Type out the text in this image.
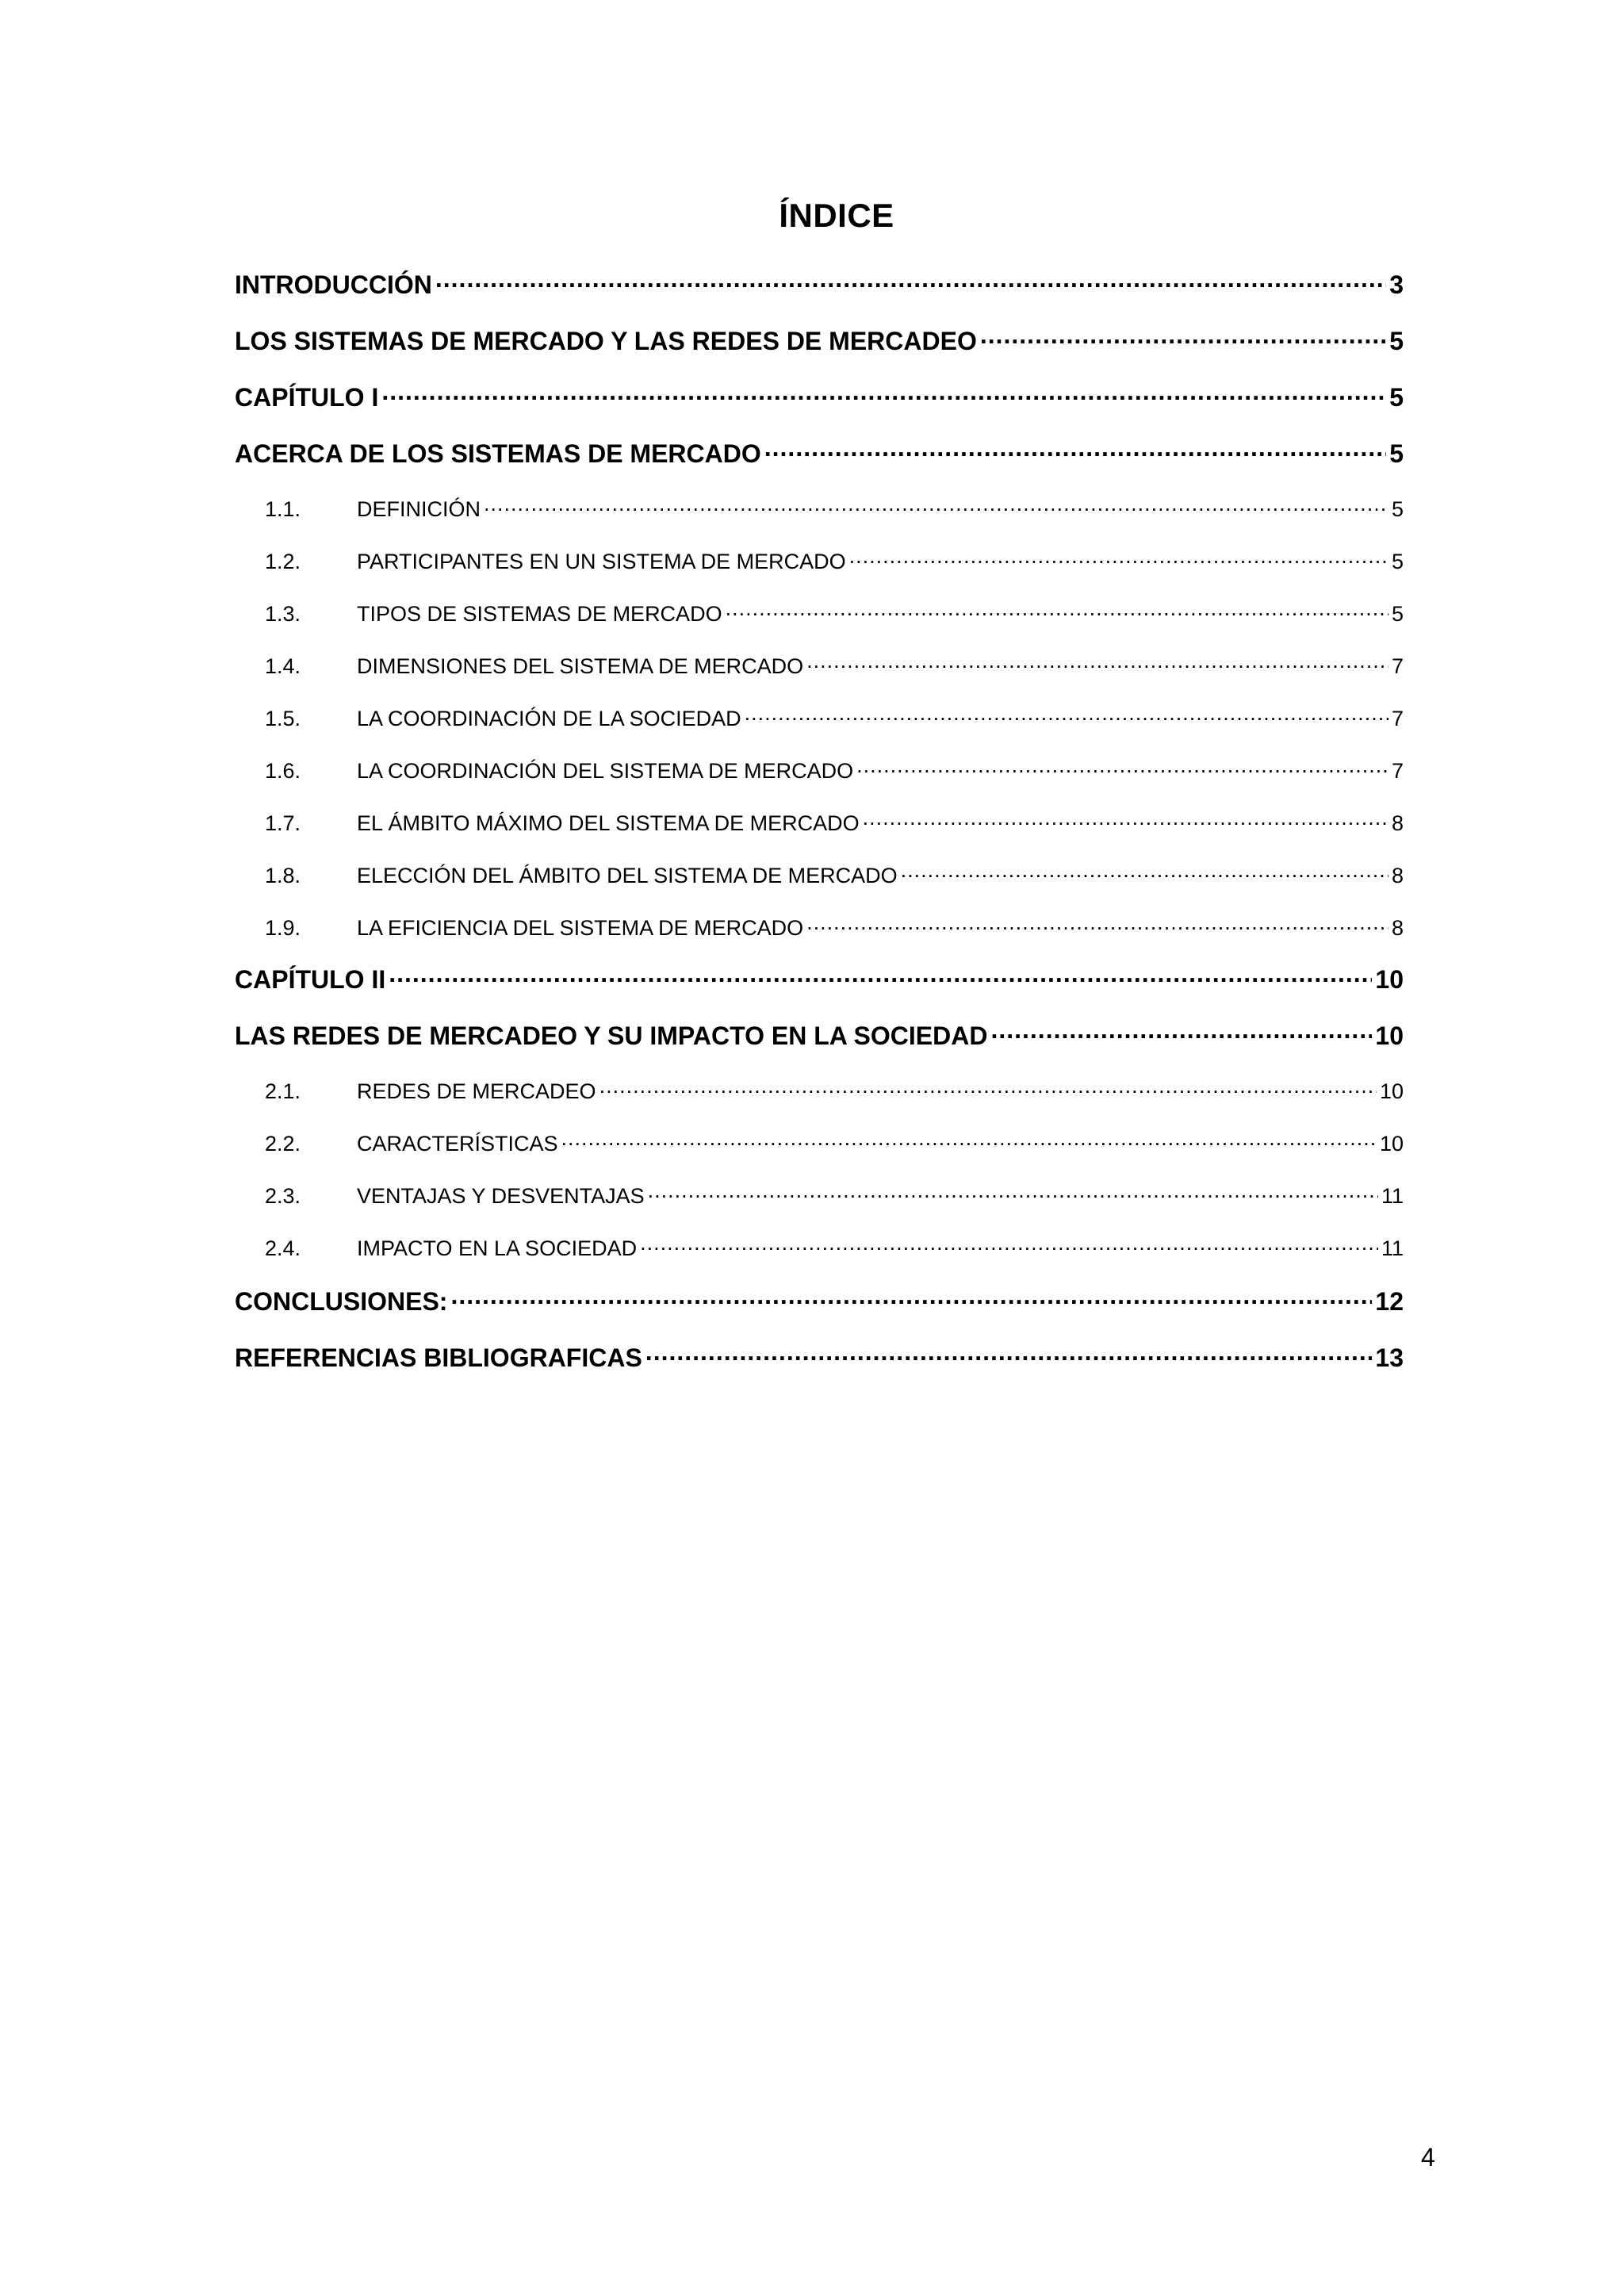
ÍNDICE
INTRODUCCIÓN .....	3
LOS SISTEMAS DE MERCADO Y LAS REDES DE MERCADEO .....	5
CAPÍTULO I .....	5
ACERCA DE LOS SISTEMAS DE MERCADO .....	5
1.1.	DEFINICIÓN .....	5
1.2.	PARTICIPANTES EN UN SISTEMA DE MERCADO .....	5
1.3.	TIPOS DE SISTEMAS DE MERCADO .....	5
1.4.	DIMENSIONES DEL SISTEMA DE MERCADO .....	7
1.5.	LA COORDINACIÓN DE LA SOCIEDAD .....	7
1.6.	LA COORDINACIÓN DEL SISTEMA DE MERCADO .....	7
1.7.	EL ÁMBITO MÁXIMO DEL SISTEMA DE MERCADO .....	8
1.8.	ELECCIÓN DEL ÁMBITO DEL SISTEMA DE MERCADO .....	8
1.9.	LA EFICIENCIA DEL SISTEMA DE MERCADO .....	8
CAPÍTULO II .....	10
LAS REDES DE MERCADEO Y SU IMPACTO EN LA SOCIEDAD .....	10
2.1.	REDES DE MERCADEO .....	10
2.2.	CARACTERÍSTICAS .....	10
2.3.	VENTAJAS Y DESVENTAJAS .....	11
2.4.	IMPACTO EN LA SOCIEDAD .....	11
CONCLUSIONES: .....	12
REFERENCIAS BIBLIOGRAFICAS .....	13
4
